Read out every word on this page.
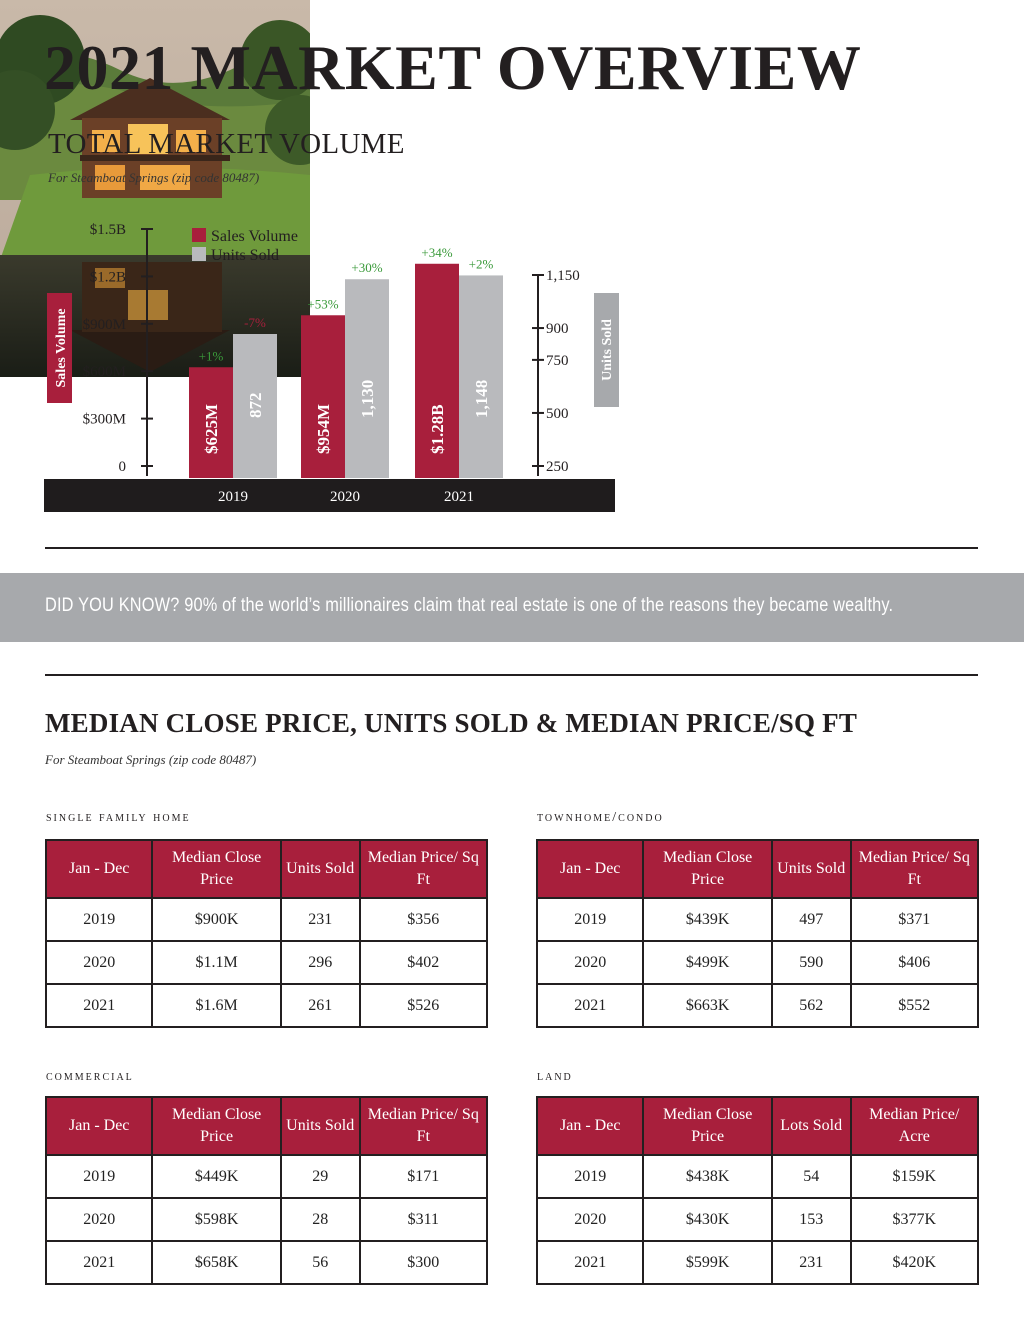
2021 MARKET OVERVIEW
TOTAL MARKET VOLUME
For Steamboat Springs (zip code 80487)
0
$300M
$600M
$900M
$1.2B
$1.5B
250
500
750
900
1,150
Sales Volume	Units Sold
Sales Volume
Units Sold
$625M
+1%
872
-7%
2019
$954M
+53%
1,130
+30%
2020
$1.28B
+34%
1,148
+2%
2021
DID YOU KNOW? 90% of the world’s millionaires claim that real estate is one of the reasons they became wealthy.
MEDIAN CLOSE PRICE, UNITS SOLD & MEDIAN PRICE/SQ FT
For Steamboat Springs (zip code 80487)
single family home	townhome/condo
commercial	land
Jan - Dec	Median Close Price	Units Sold	Median Price/ Sq Ft
2019	$900K	231	$356
2020	$1.1M	296	$402
2021	$1.6M	261	$526
Jan - Dec	Median Close Price	Units Sold	Median Price/ Sq Ft
2019	$439K	497	$371
2020	$499K	590	$406
2021	$663K	562	$552
Jan - Dec	Median Close Price	Units Sold	Median Price/ Sq Ft
2019	$449K	29	$171
2020	$598K	28	$311
2021	$658K	56	$300
Jan - Dec	Median Close Price	Lots Sold	Median Price/ Acre
2019	$438K	54	$159K
2020	$430K	153	$377K
2021	$599K	231	$420K
